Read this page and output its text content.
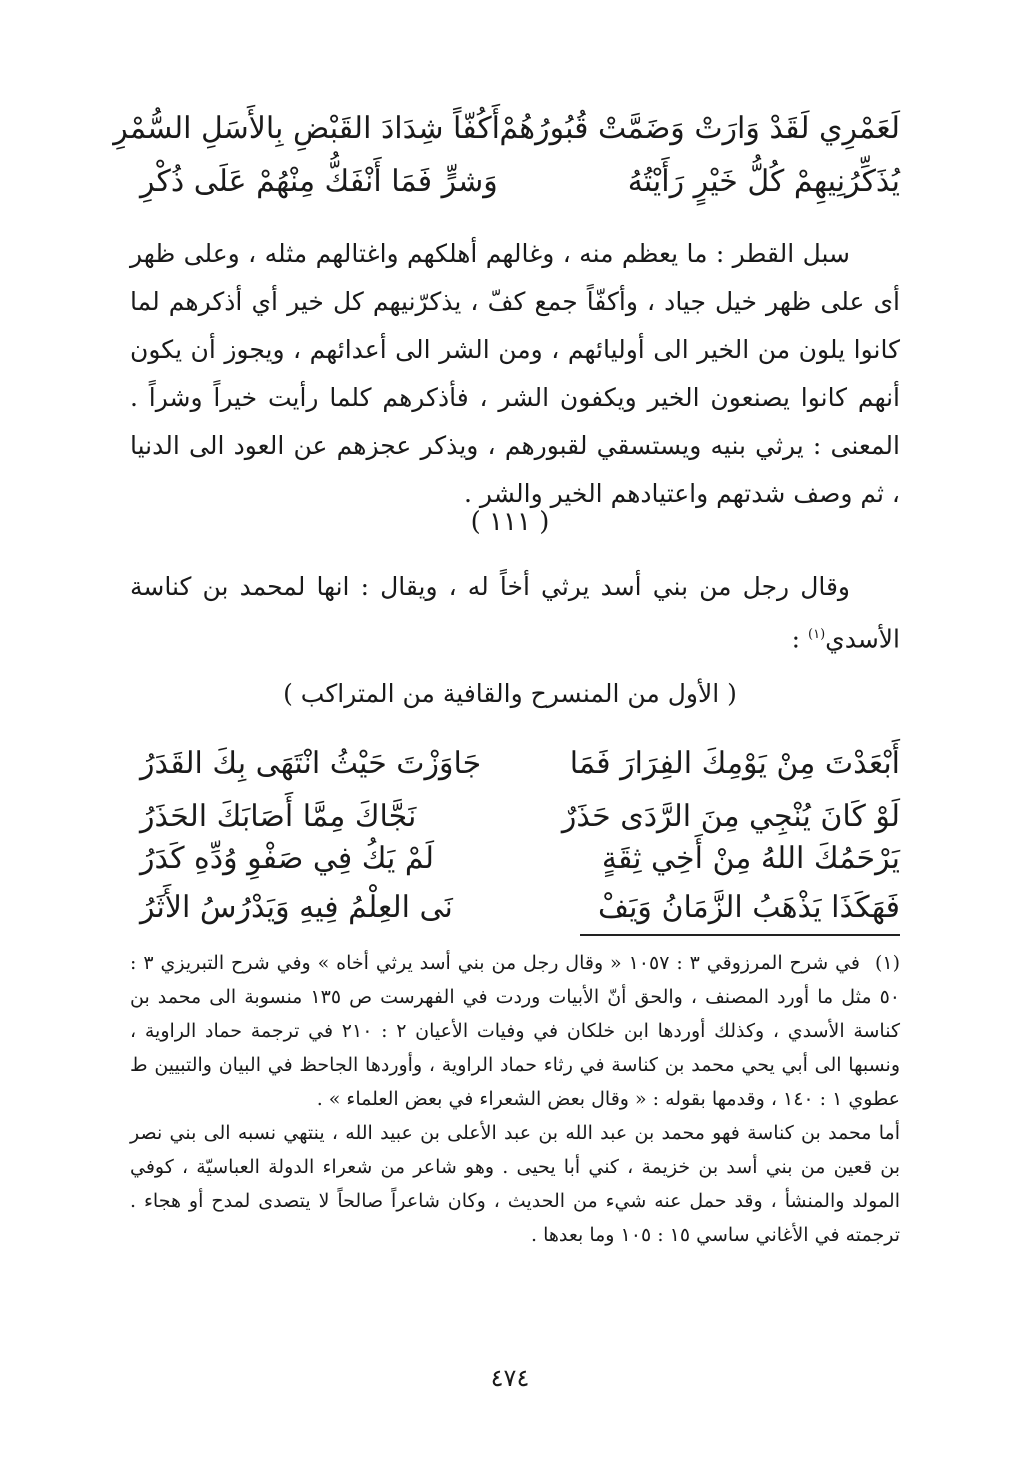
لَعَمْرِي لَقَدْ وَارَتْ وَضَمَّتْ قُبُورُهُمْ
أَكُفّاً شِدَادَ القَبْضِ بِالأَسَلِ السُّمْرِ
يُذَكِّرُنِيهِمْ كُلُّ خَيْرٍ رَأَيْتُهُ
وَشرٍّ فَمَا أَنْفَكُّ مِنْهُمْ عَلَى ذُكْرِ

سبل القطر : ما يعظم منه ، وغالهم أهلكهم واغتالهم مثله ، وعلى ظهر أى على ظهر خيل جياد ، وأكفّاً جمع كفّ ، يذكرّنيهم كل خير أي أذكرهم لما كانوا يلون من الخير الى أوليائهم ، ومن الشر الى أعدائهم ، ويجوز أن يكون أنهم كانوا يصنعون الخير ويكفون الشر ، فأذكرهم كلما رأيت خيراً وشراً . المعنى : يرثي بنيه ويستسقي لقبورهم ، ويذكر عجزهم عن العود الى الدنيا ، ثم وصف شدتهم واعتيادهم الخير والشر .

( ١١١ )

وقال رجل من بني أسد يرثي أخاً له ، ويقال : انها لمحمد بن كناسة الأسدي$^{(١)}$ :

( الأول من المنسرح والقافية من المتراكب )
أَبْعَدْتَ مِنْ يَوْمِكَ الفِرَارَ فَمَا
جَاوَزْتَ حَيْثُ انْتَهَى بِكَ القَدَرُ
لَوْ كَانَ يُنْجِي مِنَ الرَّدَى حَذَرٌ
نَجَّاكَ مِمَّا أَصَابَكَ الحَذَرُ
يَرْحَمُكَ اللهُ مِنْ أَخِي ثِقَةٍ
لَمْ يَكُ فِي صَفْوِ وُدِّهِ كَدَرُ
فَهَكَذَا يَذْهَبُ الزَّمَانُ وَيَفْ
نَى العِلْمُ فِيهِ وَيَدْرُسُ الأَثَرُ

(١)في شرح المرزوقي ٣ : ١٠٥٧ « وقال رجل من بني أسد يرثي أخاه » وفي شرح التبريزي ٣ : ٥٠ مثل ما أورد المصنف ، والحق أنّ الأبيات وردت في الفهرست ص ١٣٥ منسوبة الى محمد بن كناسة الأسدي ، وكذلك أوردها ابن خلكان في وفيات الأعيان ٢ : ٢١٠ في ترجمة حماد الراوية ، ونسبها الى أبي يحي محمد بن كناسة في رثاء حماد الراوية ، وأوردها الجاحظ في البيان والتبيين ط عطوي ١ : ١٤٠ ، وقدمها بقوله : « وقال بعض الشعراء في بعض العلماء » .

أما محمد بن كناسة فهو محمد بن عبد الله بن عبد الأعلى بن عبيد الله ، ينتهي نسبه الى بني نصر بن قعين من بني أسد بن خزيمة ، كني أبا يحيى . وهو شاعر من شعراء الدولة العباسيّة ، كوفي المولد والمنشأ ، وقد حمل عنه شيء من الحديث ، وكان شاعراً صالحاً لا يتصدى لمدح أو هجاء . ترجمته في الأغاني ساسي ١٥ : ١٠٥ وما بعدها .

٤٧٤
